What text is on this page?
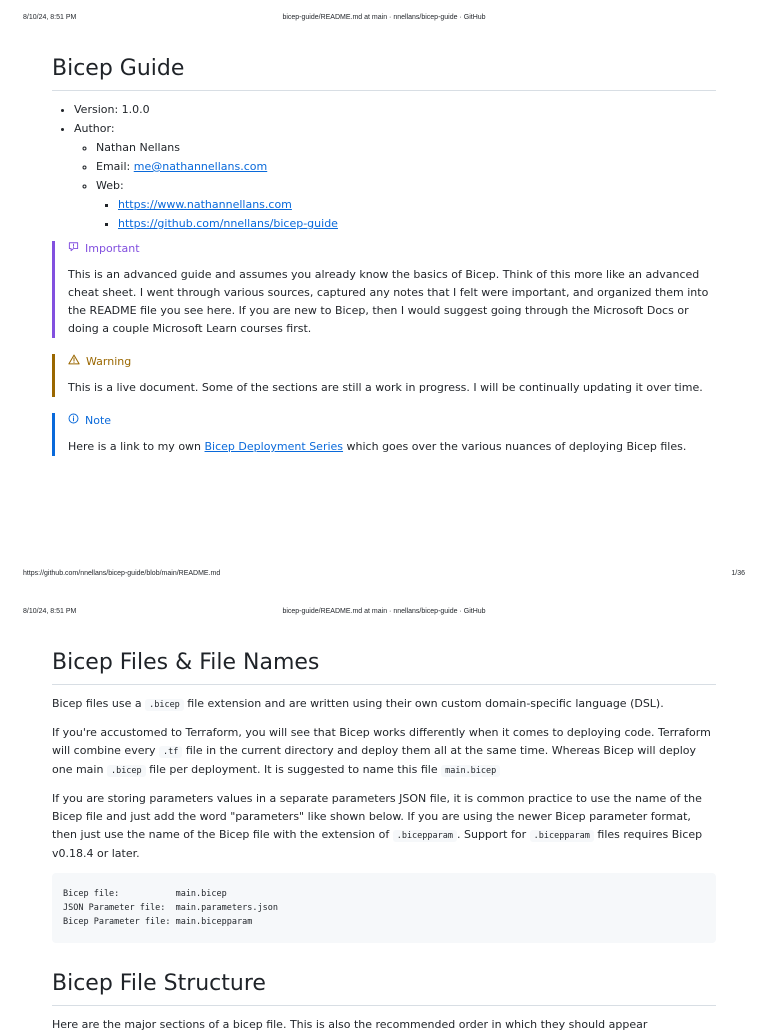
8/10/24, 8:51 PM	bicep-guide/README.md at main · nnellans/bicep-guide · GitHub
Bicep Guide
• Version: 1.0.0
• Author:
◦ Nathan Nellans
◦ Email: me@nathannellans.com
◦ Web:
▪ https://www.nathannellans.com
▪ https://github.com/nnellans/bicep-guide
Important

This is an advanced guide and assumes you already know the basics of Bicep. Think of this more like an advanced cheat sheet. I went through various sources, captured any notes that I felt were important, and organized them into the README file you see here. If you are new to Bicep, then I would suggest going through the Microsoft Docs or doing a couple Microsoft Learn courses first.

Warning

This is a live document. Some of the sections are still a work in progress. I will be continually updating it over time.

Note

Here is a link to my own Bicep Deployment Series which goes over the various nuances of deploying Bicep files.

https://github.com/nnellans/bicep-guide/blob/main/README.md	1/36
8/10/24, 8:51 PM	bicep-guide/README.md at main · nnellans/bicep-guide · GitHub
Bicep Files & File Names

Bicep files use a .bicep file extension and are written using their own custom domain-specific language (DSL).

If you're accustomed to Terraform, you will see that Bicep works differently when it comes to deploying code. Terraform will combine every .tf file in the current directory and deploy them all at the same time. Whereas Bicep will deploy one main .bicep file per deployment. It is suggested to name this file main.bicep

If you are storing parameters values in a separate parameters JSON file, it is common practice to use the name of the Bicep file and just add the word "parameters" like shown below. If you are using the newer Bicep parameter format, then just use the name of the Bicep file with the extension of .bicepparam . Support for .bicepparam files requires Bicep v0.18.4 or later.

Bicep file:           main.bicep
JSON Parameter file:  main.parameters.json
Bicep Parameter file: main.bicepparam
Bicep File Structure

Here are the major sections of a bicep file. This is also the recommended order in which they should appear
